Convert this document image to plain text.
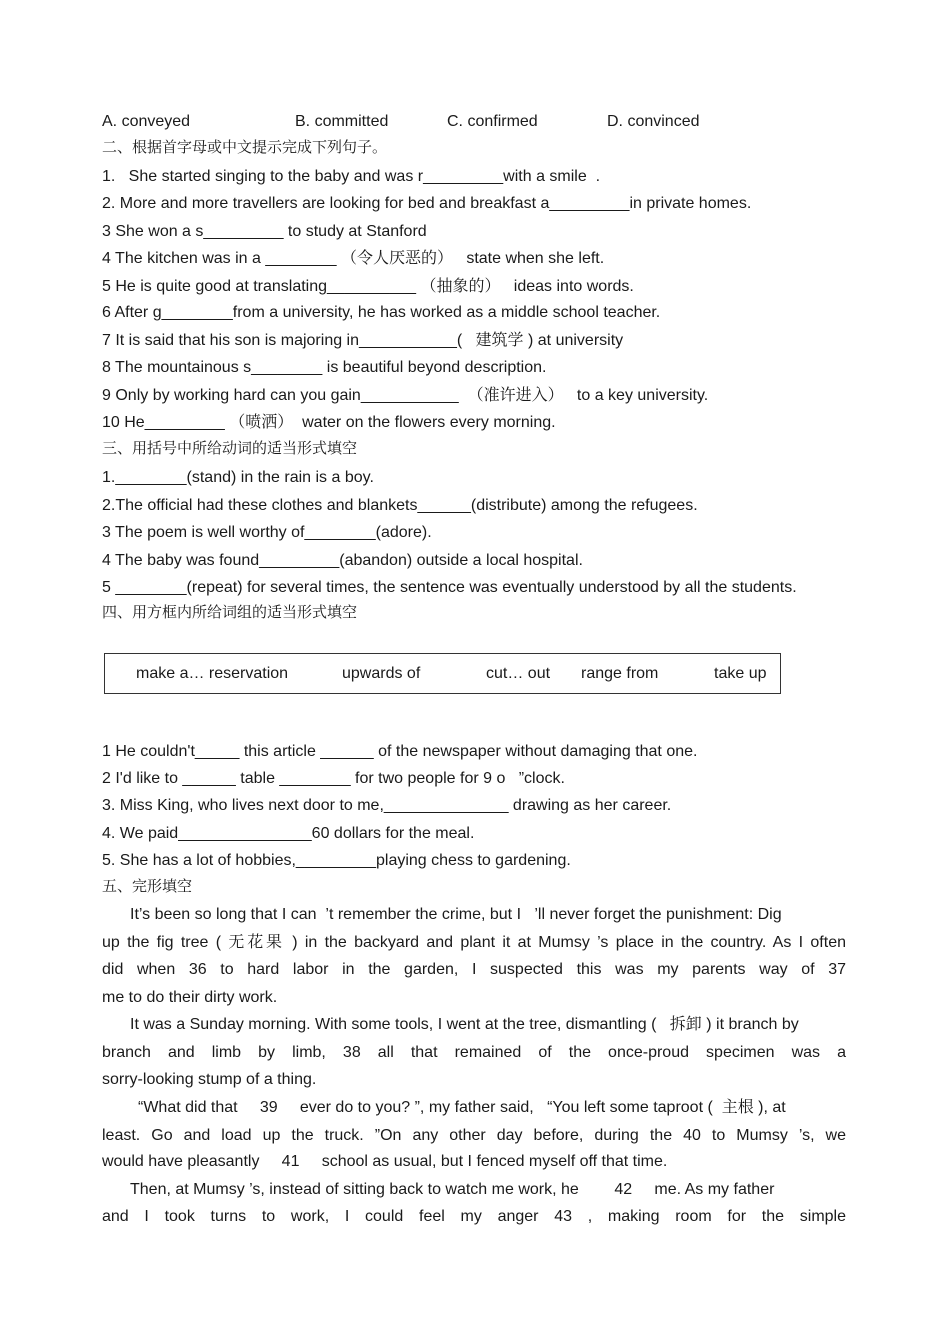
A. conveyed	B. committed	C. confirmed	D. convinced
二、根据首字母或中文提示完成下列句子。
1.   She started singing to the baby and was r_________with a smile  .
2. More and more travellers are looking for bed and breakfast a_________in private homes.
3 She won a s_________ to study at Stanford
4 The kitchen was in a ________ （令人厌恶的）   state when she left.
5 He is quite good at translating__________ （抽象的）   ideas into words.
6 After g________from a university, he has worked as a middle school teacher.
7 It is said that his son is majoring in___________(   建筑学 ) at university
8 The mountainous s________ is beautiful beyond description.
9 Only by working hard can you gain___________  （准许进入）   to a key university.
10 He_________ （喷洒）  water on the flowers every morning.
三、用括号中所给动词的适当形式填空
1.________(stand) in the rain is a boy.
2.The official had these clothes and blankets______(distribute) among the refugees.
3 The poem is well worthy of________(adore).
4 The baby was found_________(abandon) outside a local hospital.
5 ________(repeat) for several times, the sentence was eventually understood by all the students.
四、用方框内所给词组的适当形式填空
make a… reservation	upwards of	cut… out range from	take up
1 He couldn't_____ this article ______ of the newspaper without damaging that one.
2 I'd like to ______ table ________ for two people for 9 o   ”clock.
3. Miss King, who lives next door to me,______________ drawing as her career.
4. We paid_______________60 dollars for the meal.
5. She has a lot of hobbies,_________playing chess to gardening.
五、完形填空
It’s been so long that I can  ’t remember the crime, but I   ’ll never forget the punishment: Dig
up the fig tree ( 无花果 ) in the backyard and plant it at Mumsy ’s place in the country. As I often
did when 36 to hard labor in the garden, I suspected this was my parents way of 37
me to do their dirty work.
It was a Sunday morning. With some tools, I went at the tree, dismantling (   拆卸 ) it branch by
branch and limb by limb, 38 all that remained of the once-proud specimen was a
sorry-looking stump of a thing.
“What did that     39     ever do to you? ”, my father said,   “You left some taproot (  主根 ), at
least. Go and load up the truck. ”On any other day before, during the 40 to Mumsy ’s, we
would have pleasantly     41     school as usual, but I fenced myself off that time.
Then, at Mumsy ’s, instead of sitting back to watch me work, he        42     me. As my father
and I took turns to work, I could feel my anger 43 , making room for the simple
